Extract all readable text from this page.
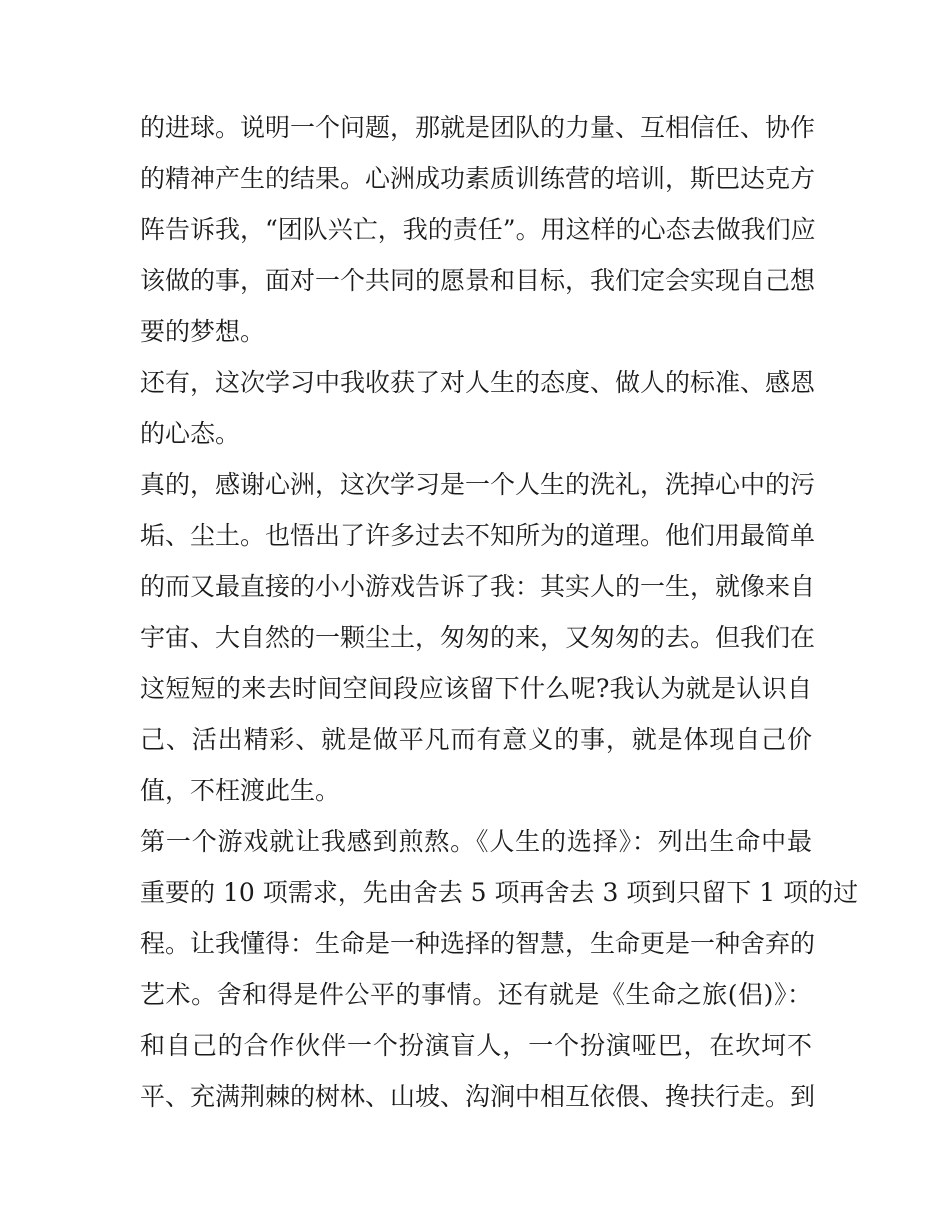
的进球。说明一个问题，那就是团队的力量、互相信任、协作
的精神产生的结果。心洲成功素质训练营的培训，斯巴达克方
阵告诉我，“团队兴亡，我的责任”。用这样的心态去做我们应
该做的事，面对一个共同的愿景和目标，我们定会实现自己想
要的梦想。
还有，这次学习中我收获了对人生的态度、做人的标准、感恩
的心态。
真的，感谢心洲，这次学习是一个人生的洗礼，洗掉心中的污
垢、尘土。也悟出了许多过去不知所为的道理。他们用最简单
的而又最直接的小小游戏告诉了我：其实人的一生，就像来自
宇宙、大自然的一颗尘土，匆匆的来，又匆匆的去。但我们在
这短短的来去时间空间段应该留下什么呢?我认为就是认识自
己、活出精彩、就是做平凡而有意义的事，就是体现自己价
值，不枉渡此生。
第一个游戏就让我感到煎熬。《人生的选择》：列出生命中最
重要的 10 项需求，先由舍去 5 项再舍去 3 项到只留下 1 项的过
程。让我懂得：生命是一种选择的智慧，生命更是一种舍弃的
艺术。舍和得是件公平的事情。还有就是《生命之旅(侣)》：
和自己的合作伙伴一个扮演盲人，一个扮演哑巴，在坎坷不
平、充满荆棘的树林、山坡、沟涧中相互依偎、搀扶行走。到
